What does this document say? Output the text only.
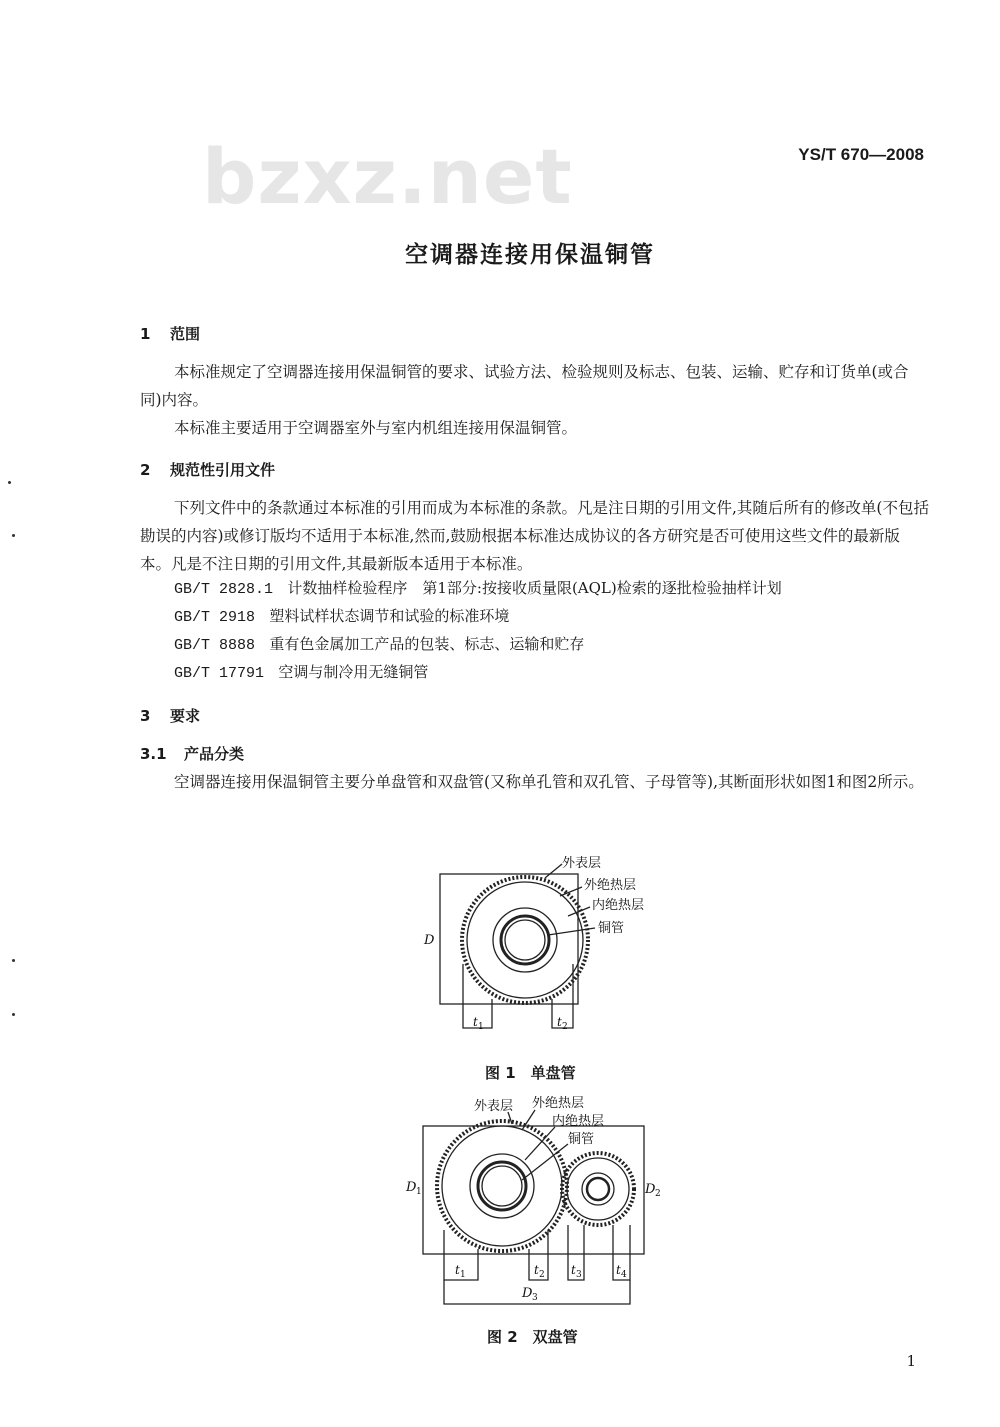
bzxz.net	YS/T 670—2008
空调器连接用保温铜管
1 范围
本标准规定了空调器连接用保温铜管的要求、试验方法、检验规则及标志、包装、运输、贮存和订货单(或合同)内容。
本标准主要适用于空调器室外与室内机组连接用保温铜管。
2 规范性引用文件
下列文件中的条款通过本标准的引用而成为本标准的条款。凡是注日期的引用文件,其随后所有的修改单(不包括勘误的内容)或修订版均不适用于本标准,然而,鼓励根据本标准达成协议的各方研究是否可使用这些文件的最新版本。凡是不注日期的引用文件,其最新版本适用于本标准。
GB/T 2828.1 计数抽样检验程序　第1部分:按接收质量限(AQL)检索的逐批检验抽样计划
GB/T 2918 塑料试样状态调节和试验的标准环境
GB/T 8888 重有色金属加工产品的包装、标志、运输和贮存
GB/T 17791 空调与制冷用无缝铜管
3 要求
3.1 产品分类
空调器连接用保温铜管主要分单盘管和双盘管(又称单孔管和双孔管、子母管等),其断面形状如图1和图2所示。
外表层
外绝热层
内绝热层
铜管
D
t 1	t 2
外表层 外绝热层
内绝热层
铜管
D 1	D 2
D 3
t 1	t 2 t 3	t 4
图 1　单盘管
图 2　双盘管
1
